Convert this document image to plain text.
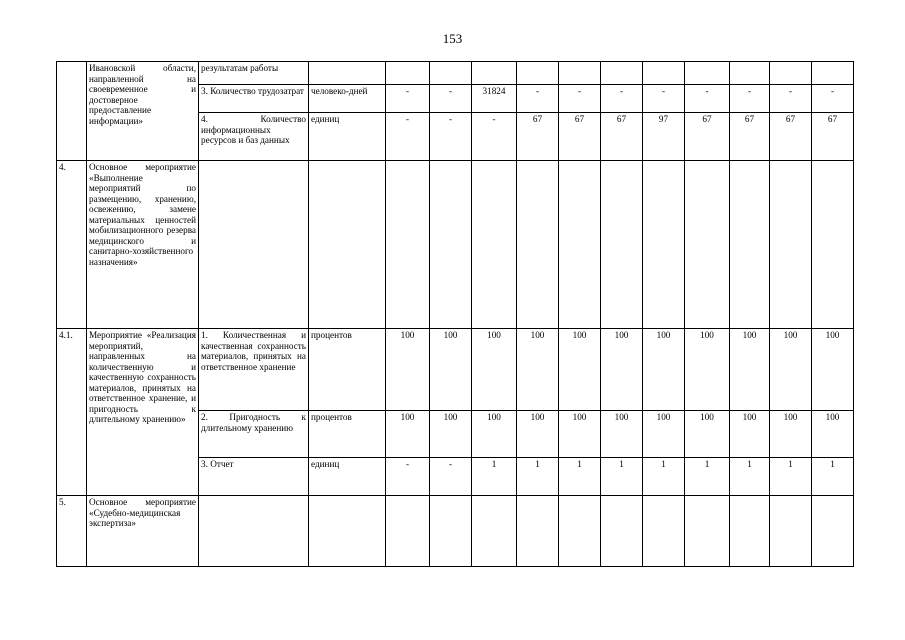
153
	Ивановской области, направленной на своевременное и достоверное предоставление информации»	результатам работы												
		3. Количество трудозатрат	человеко-дней	-	-	31824	-	-	-	-	-	-	-	-
		4. Количество информационных ресурсов и баз данных	единиц	-	-	-	67	67	67	97	67	67	67	67
4.	Основное мероприятие «Выполнение мероприятий по размещению, хранению, освежению, замене материальных ценностей мобилизационного резерва медицинского и санитарно-хозяйственного назначения»													
4.1.	Мероприятие «Реализация мероприятий, направленных на количественную и качественную сохранность материалов, принятых на ответственное хранение, и пригодность к длительному хранению»	1. Количественная и качественная сохранность материалов, принятых на ответственное хранение	процентов	100	100	100	100	100	100	100	100	100	100	100
		2. Пригодность к длительному хранению	процентов	100	100	100	100	100	100	100	100	100	100	100
		3. Отчет	единиц	-	-	1	1	1	1	1	1	1	1	1
5.	Основное мероприятие «Судебно-медицинская экспертиза»													
